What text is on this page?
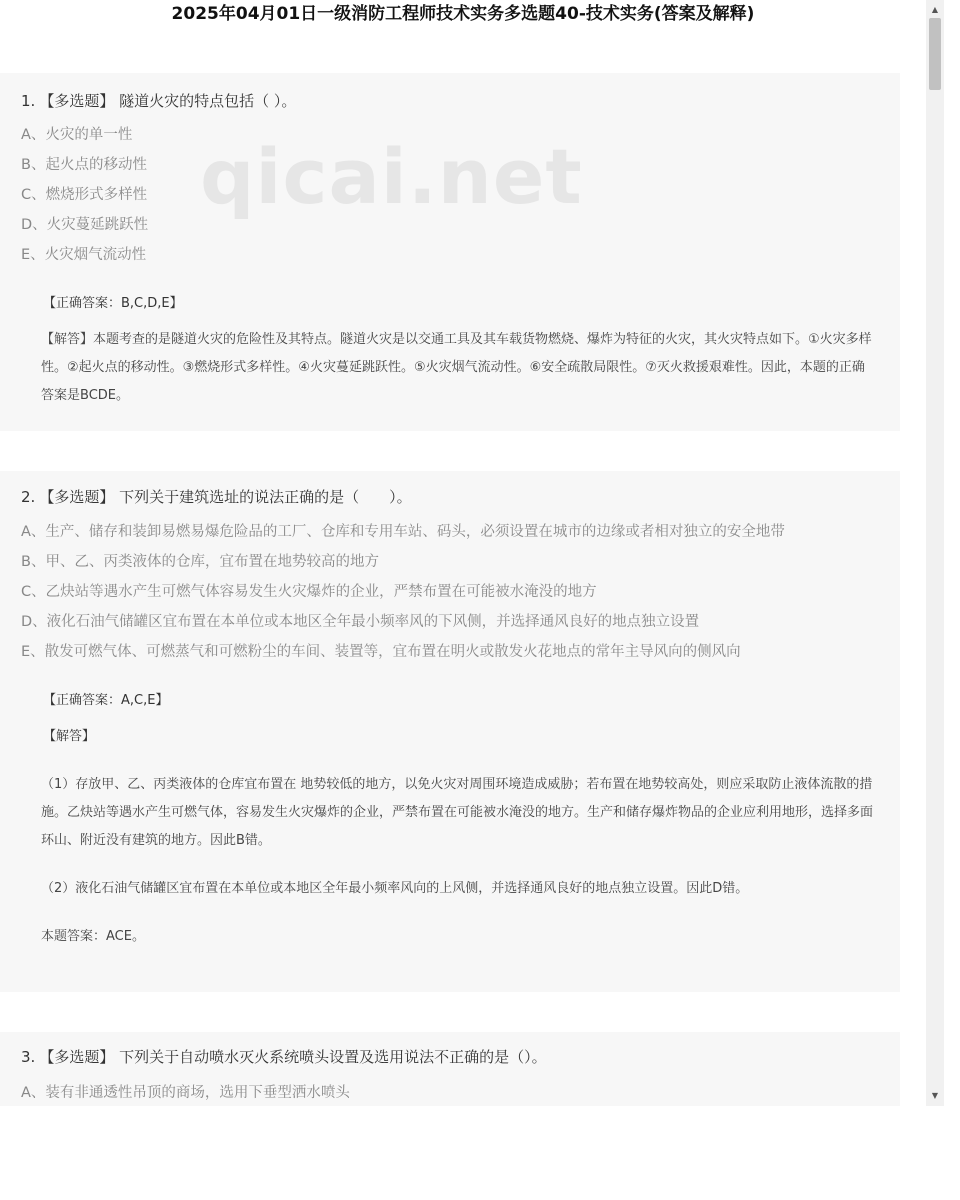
2025年04月01日一级消防工程师技术实务多选题40-技术实务(答案及解释)
1. 【多选题】 隧道火灾的特点包括（ ）。
A、火灾的单一性
B、起火点的移动性
C、燃烧形式多样性
D、火灾蔓延跳跃性
E、火灾烟气流动性
【正确答案：B,C,D,E】
【解答】本题考查的是隧道火灾的危险性及其特点。隧道火灾是以交通工具及其车载货物燃烧、爆炸为特征的火灾，其火灾特点如下。①火灾多样性。②起火点的移动性。③燃烧形式多样性。④火灾蔓延跳跃性。⑤火灾烟气流动性。⑥安全疏散局限性。⑦灭火救援艰难性。因此，本题的正确答案是BCDE。
qicai.net
2. 【多选题】 下列关于建筑选址的说法正确的是（　　）。
A、生产、储存和装卸易燃易爆危险品的工厂、仓库和专用车站、码头，必须设置在城市的边缘或者相对独立的安全地带
B、甲、乙、丙类液体的仓库，宜布置在地势较高的地方
C、乙炔站等遇水产生可燃气体容易发生火灾爆炸的企业，严禁布置在可能被水淹没的地方
D、液化石油气储罐区宜布置在本单位或本地区全年最小频率风的下风侧，并选择通风良好的地点独立设置
E、散发可燃气体、可燃蒸气和可燃粉尘的车间、装置等，宜布置在明火或散发火花地点的常年主导风向的侧风向
【正确答案：A,C,E】
【解答】
（1）存放甲、乙、丙类液体的仓库宜布置在 地势较低的地方，以免火灾对周围环境造成威胁；若布置在地势较高处，则应采取防止液体流散的措施。乙炔站等遇水产生可燃气体，容易发生火灾爆炸的企业，严禁布置在可能被水淹没的地方。生产和储存爆炸物品的企业应利用地形，选择多面环山、附近没有建筑的地方。因此B错。
（2）液化石油气储罐区宜布置在本单位或本地区全年最小频率风向的上风侧，并选择通风良好的地点独立设置。因此D错。
本题答案：ACE。
3. 【多选题】 下列关于自动喷水灭火系统喷头设置及选用说法不正确的是（）。
A、装有非通透性吊顶的商场，选用下垂型洒水喷头
▲
▼
